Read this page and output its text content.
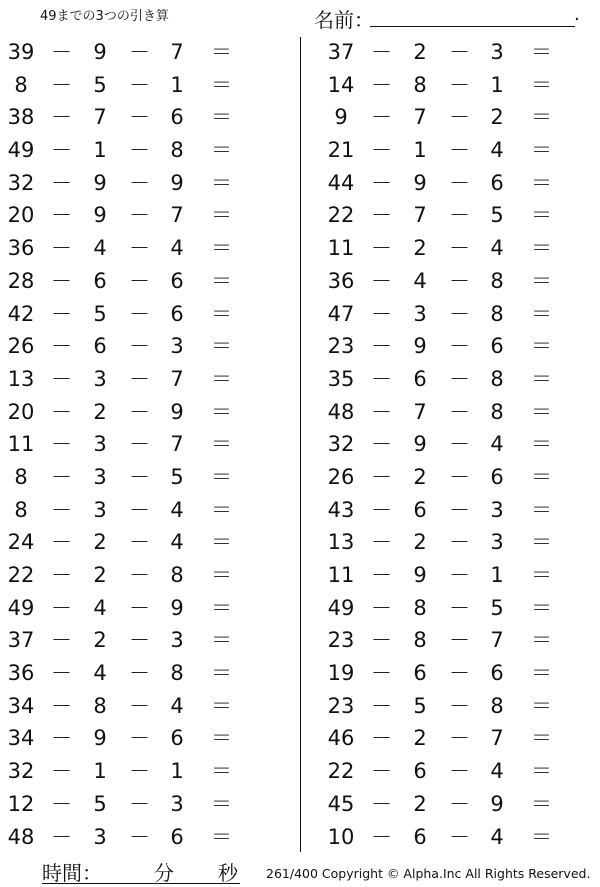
49までの3つの引き算	名前：	.
39 － 9 － 7 ＝
8	－ 5 － 1 ＝
38 － 7 － 6 ＝
49 － 1 － 8 ＝
32 － 9 － 9 ＝
20 － 9 － 7 ＝
36 － 4 － 4 ＝
28 － 6 － 6 ＝
42 － 5 － 6 ＝
26 － 6 － 3 ＝
13 － 3 － 7 ＝
20 － 2 － 9 ＝
11 － 3 － 7 ＝
8	－ 3 － 5 ＝
8	－ 3 － 4 ＝
24 － 2 － 4 ＝
22 － 2 － 8 ＝
49 － 4 － 9 ＝
37 － 2 － 3 ＝
36 － 4 － 8 ＝
34 － 8 － 4 ＝
34 － 9 － 6 ＝
32 － 1 － 1 ＝
12 － 5 － 3 ＝
48 － 3 － 6 ＝
37 － 2 － 3 ＝
14 － 8 － 1 ＝
9	－ 7 － 2 ＝
21 － 1 － 4 ＝
44 － 9 － 6 ＝
22 － 7 － 5 ＝
11 － 2 － 4 ＝
36 － 4 － 8 ＝
47 － 3 － 8 ＝
23 － 9 － 6 ＝
35 － 6 － 8 ＝
48 － 7 － 8 ＝
32 － 9 － 4 ＝
26 － 2 － 6 ＝
43 － 6 － 3 ＝
13 － 2 － 3 ＝
11 － 9 － 1 ＝
49 － 8 － 5 ＝
23 － 8 － 7 ＝
19 － 6 － 6 ＝
23 － 5 － 8 ＝
46 － 2 － 7 ＝
22 － 6 － 4 ＝
45 － 2 － 9 ＝
10 － 6 － 4 ＝
時間：	分 秒 261/400 Copyright © Alpha.Inc All Rights Reserved.
